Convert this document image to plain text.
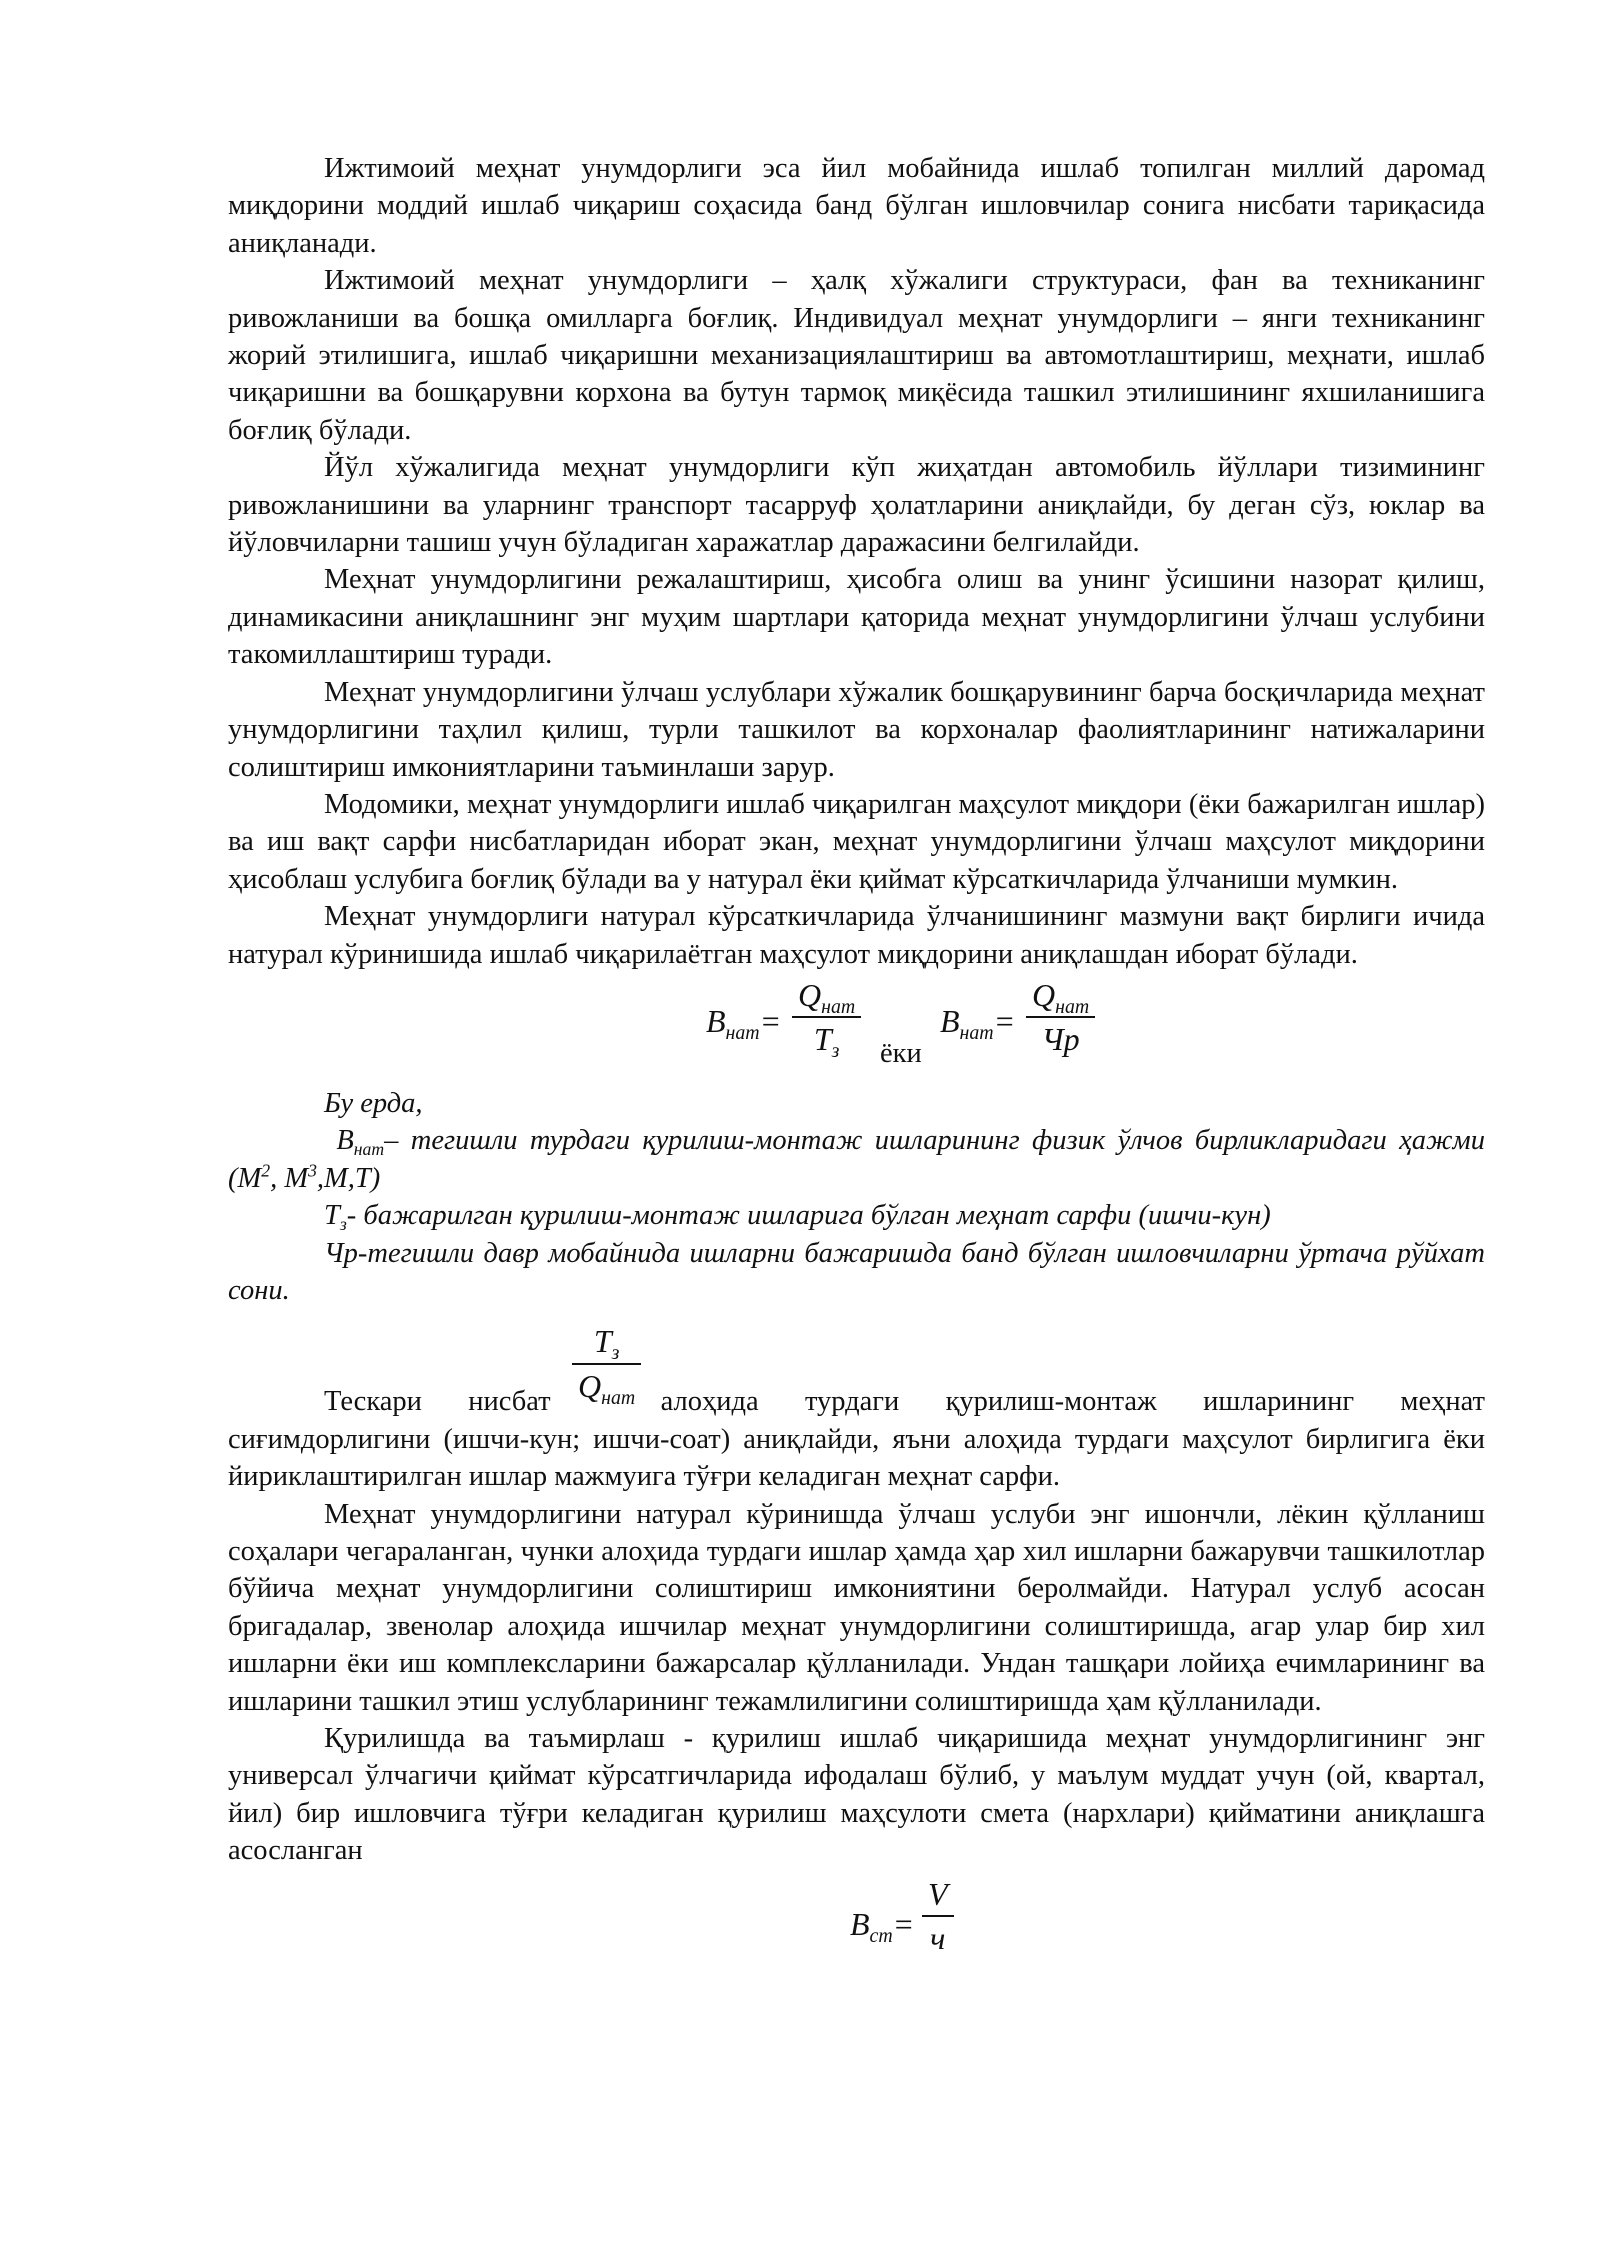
Ижтимоий меҳнат унумдорлиги эса йил мобайнида ишлаб топилган миллий даромад миқдорини моддий ишлаб чиқариш соҳасида банд бўлган ишловчилар сонига нисбати тариқасида аниқланади.

Ижтимоий меҳнат унумдорлиги – ҳалқ хўжалиги структураси, фан ва техниканинг ривожланиши ва бошқа омилларга боғлиқ. Индивидуал меҳнат унумдорлиги – янги техниканинг жорий этилишига, ишлаб чиқаришни механизациялаштириш ва автомотлаштириш, меҳнати, ишлаб чиқаришни ва бошқарувни корхона ва бутун тармоқ миқёсида ташкил этилишининг яхшиланишига боғлиқ бўлади.

Йўл хўжалигида меҳнат унумдорлиги кўп жиҳатдан автомобиль йўллари тизимининг ривожланишини ва уларнинг транспорт тасарруф ҳолатларини аниқлайди, бу деган сўз, юклар ва йўловчиларни ташиш учун бўладиган харажатлар даражасини белгилайди.

Меҳнат унумдорлигини режалаштириш, ҳисобга олиш ва унинг ўсишини назорат қилиш, динамикасини аниқлашнинг энг муҳим шартлари қаторида меҳнат унумдорлигини ўлчаш услубини такомиллаштириш туради.

Меҳнат унумдорлигини ўлчаш услублари хўжалик бошқарувининг барча босқичларида меҳнат унумдорлигини таҳлил қилиш, турли ташкилот ва корхоналар фаолиятларининг натижаларини солиштириш имкониятларини таъминлаши зарур.

Модомики, меҳнат унумдорлиги ишлаб чиқарилган маҳсулот миқдори (ёки бажарилган ишлар) ва иш вақт сарфи нисбатларидан иборат экан, меҳнат унумдорлигини ўлчаш маҳсулот миқдорини ҳисоблаш услубига боғлиқ бўлади ва у натурал ёки қиймат кўрсаткичларида ўлчаниши мумкин.

Меҳнат унумдорлиги натурал кўрсаткичларида ўлчанишининг мазмуни вақт бирлиги ичида натурал кўринишида ишлаб чиқарилаётган маҳсулот миқдорини аниқлашдан иборат бўлади.

$B_{нат}=$
$Q_{нат}$
$T_з$	ёки
$B_{нат}=$
$Q_{нат}$
Чр

Бу ерда,

$B_{нат}-$ тегишли турдаги қурилиш-монтаж ишларининг физик ўлчов бирликларидаги ҳажми ($М^2$, $М^3,М,Т$)

$Т_з-$ бажарилган қурилиш-монтаж ишларига бўлган меҳнат сарфи (ишчи-кун)

Чр-тегишли давр мобайнида ишларни бажаришда банд бўлган ишловчиларни ўртача рўйхат сони.

$T_з$
$Q_{нат}$

Тескари нисбат	алоҳида турдаги қурилиш-монтаж ишларининг меҳнат сиғимдорлигини (ишчи-кун; ишчи-соат) аниқлайди, яъни алоҳида турдаги маҳсулот бирлигига ёки йириклаштирилган ишлар мажмуига тўғри келадиган меҳнат сарфи.

Меҳнат унумдорлигини натурал кўринишда ўлчаш услуби энг ишончли, лёкин қўлланиш соҳалари чегараланган, чунки алоҳида турдаги ишлар ҳамда ҳар хил ишларни бажарувчи ташкилотлар бўйича меҳнат унумдорлигини солиштириш имкониятини беролмайди. Натурал услуб асосан бригадалар, звенолар алоҳида ишчилар меҳнат унумдорлигини солиштиришда, агар улар бир хил ишларни ёки иш комплексларини бажарсалар қўлланилади. Ундан ташқари лойиҳа ечимларининг ва ишларини ташкил этиш услубларининг тежамлилигини солиштиришда ҳам қўлланилади.

Қурилишда ва таъмирлаш - қурилиш ишлаб чиқаришида меҳнат унумдорлигининг энг универсал ўлчагичи қиймат кўрсатгичларида ифодалаш бўлиб, у маълум муддат учун (ой, квартал, йил) бир ишловчига тўғри келадиган қурилиш маҳсулоти смета (нархлари) қийматини аниқлашга асосланган

$B_{ст}=$
V
ч
